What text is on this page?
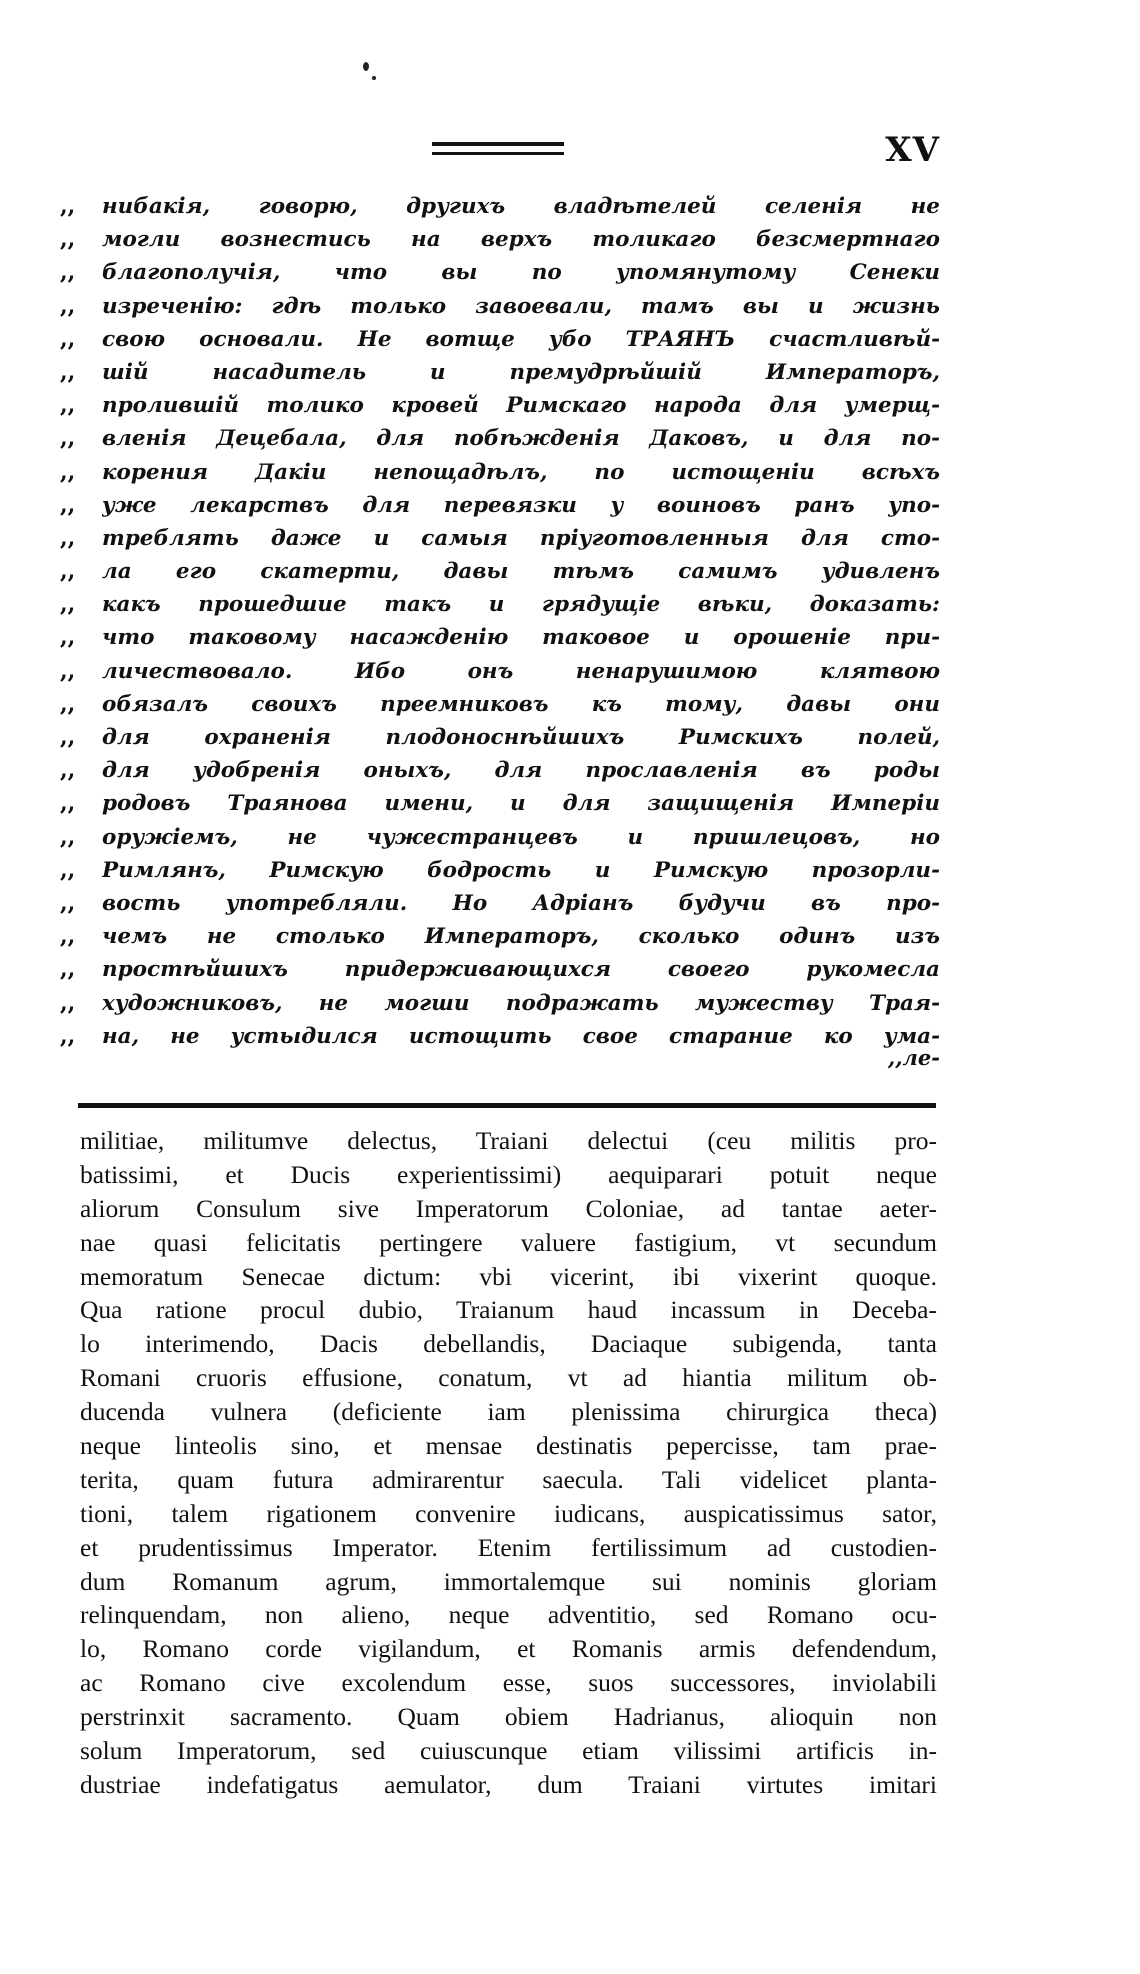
XV
,,	нибакія, говорю, другихъ владѣтелей селенія не
,,	могли вознестись на верхъ толикаго безсмертнаго
,,	благополучія, что вы по упомянутому Сенеки
,,	изреченію: гдѣ только завоевали, тамъ вы и жизнь
,,	свою основали. Не вотще убо ТРАЯНЪ счастливѣй-
,,	шій насадитель и премудрѣйшій Императоръ,
,,	пролившій толико кровей Римскаго народа для умерщ-
,,	вленія Децебала, для побѣжденія Даковъ, и для по-
,,	корения Дакіи непощадѣлъ, по истощеніи всѣхъ
,,	уже лекарствъ для перевязки у воиновъ ранъ упо-
,,	треблять даже и самыя пріуготовленныя для сто-
,,	ла его скатерти, давы тѣмъ самимъ удивленъ
,,	какъ прошедшие такъ и грядущіе вѣки, доказать:
,,	что таковому насажденію таковое и орошеніе при-
,,	личествовало. Ибо онъ ненарушимою клятвою
,,	обязалъ своихъ преемниковъ къ тому, давы они
,,	для охраненія плодоноснѣйшихъ Римскихъ полей,
,,	для удобренія оныхъ, для прославленія въ роды
,,	родовъ Траянова имени, и для защищенія Имперіи
,,	оружіемъ, не чужестранцевъ и пришлецовъ, но
,,	Римлянъ, Римскую бодрость и Римскую прозорли-
,,	вость употребляли. Но Адріанъ будучи въ про-
,,	чемъ не столько Императоръ, сколько одинъ изъ
,,	простѣйшихъ придерживающихся своего рукомесла
,,	художниковъ, не могши подражать мужеству Трая-
,,	на, не устыдился истощить свое старание ко ума-
,,ле-
militiae, militumve delectus, Traiani delectui (ceu militis pro-
batissimi, et Ducis experientissimi) aequiparari potuit neque
aliorum Consulum sive Imperatorum Coloniae, ad tantae aeter-
nae quasi felicitatis pertingere valuere fastigium, vt secundum
memoratum Senecae dictum: vbi vicerint, ibi vixerint quoque.
Qua ratione procul dubio, Traianum haud incassum in Deceba-
lo interimendo, Dacis debellandis, Daciaque subigenda, tanta
Romani cruoris effusione, conatum, vt ad hiantia militum ob-
ducenda vulnera (deficiente iam plenissima chirurgica theca)
neque linteolis sino, et mensae destinatis pepercisse, tam prae-
terita, quam futura admirarentur saecula. Tali videlicet planta-
tioni, talem rigationem convenire iudicans, auspicatissimus sator,
et prudentissimus Imperator. Etenim fertilissimum ad custodien-
dum Romanum agrum, immortalemque sui nominis gloriam
relinquendam, non alieno, neque adventitio, sed Romano ocu-
lo, Romano corde vigilandum, et Romanis armis defendendum,
ac Romano cive excolendum esse, suos successores, inviolabili
perstrinxit sacramento. Quam obiem Hadrianus, alioquin non
solum Imperatorum, sed cuiuscunque etiam vilissimi artificis in-
dustriae indefatigatus aemulator, dum Traiani virtutes imitari
